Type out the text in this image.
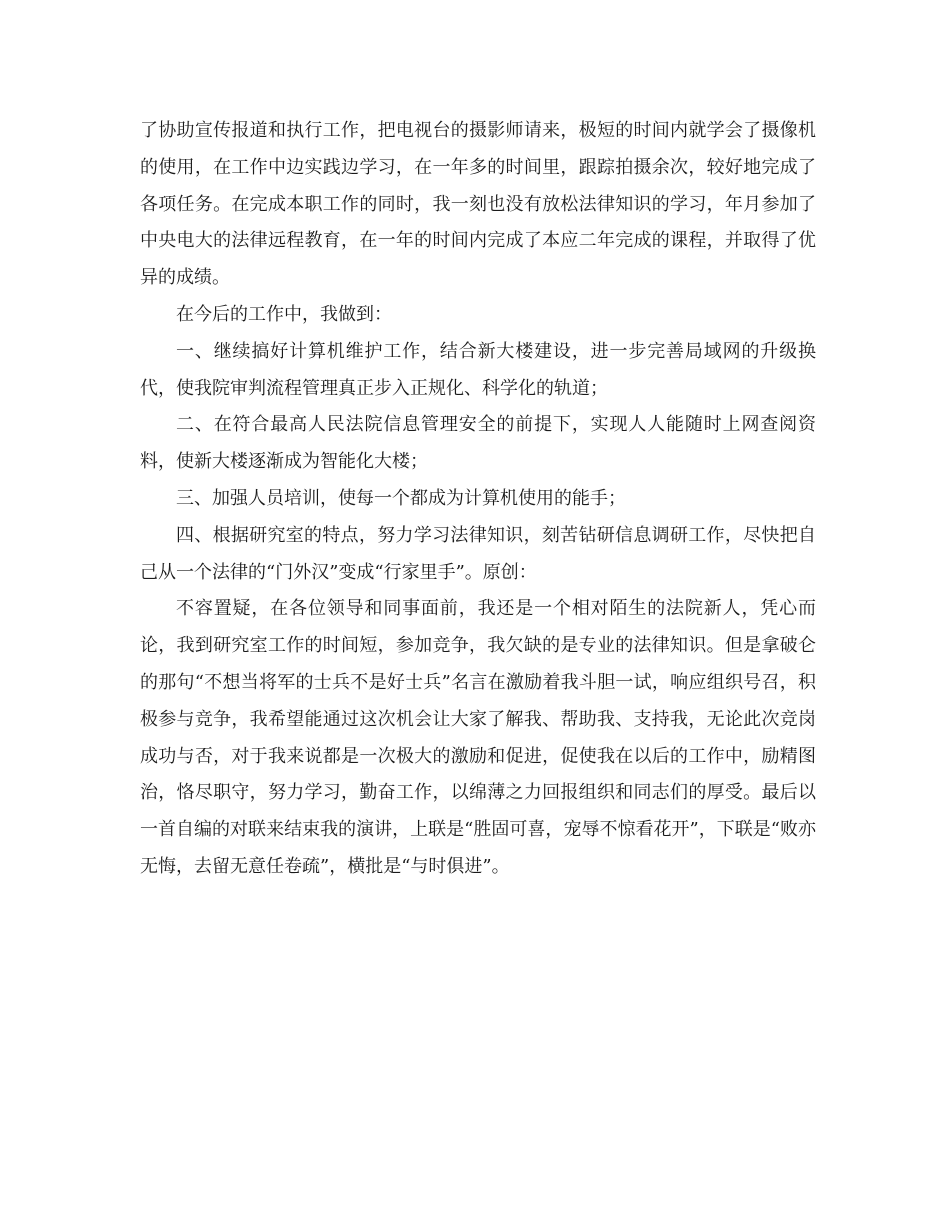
了协助宣传报道和执行工作，把电视台的摄影师请来，极短的时间内就学会了摄像机的使用，在工作中边实践边学习，在一年多的时间里，跟踪拍摄余次，较好地完成了各项任务。在完成本职工作的同时，我一刻也没有放松法律知识的学习，年月参加了中央电大的法律远程教育，在一年的时间内完成了本应二年完成的课程，并取得了优异的成绩。

在今后的工作中，我做到：

一、继续搞好计算机维护工作，结合新大楼建设，进一步完善局域网的升级换代，使我院审判流程管理真正步入正规化、科学化的轨道；

二、在符合最高人民法院信息管理安全的前提下，实现人人能随时上网查阅资料，使新大楼逐渐成为智能化大楼；

三、加强人员培训，使每一个都成为计算机使用的能手；

四、根据研究室的特点，努力学习法律知识，刻苦钻研信息调研工作，尽快把自己从一个法律的“门外汉”变成“行家里手”。原创：

不容置疑，在各位领导和同事面前，我还是一个相对陌生的法院新人，凭心而论，我到研究室工作的时间短，参加竞争，我欠缺的是专业的法律知识。但是拿破仑的那句“不想当将军的士兵不是好士兵”名言在激励着我斗胆一试，响应组织号召，积极参与竞争，我希望能通过这次机会让大家了解我、帮助我、支持我，无论此次竞岗成功与否，对于我来说都是一次极大的激励和促进，促使我在以后的工作中，励精图治，恪尽职守，努力学习，勤奋工作，以绵薄之力回报组织和同志们的厚受。最后以一首自编的对联来结束我的演讲，上联是“胜固可喜，宠辱不惊看花开”，下联是“败亦无悔，去留无意任卷疏”，横批是“与时俱进”。
